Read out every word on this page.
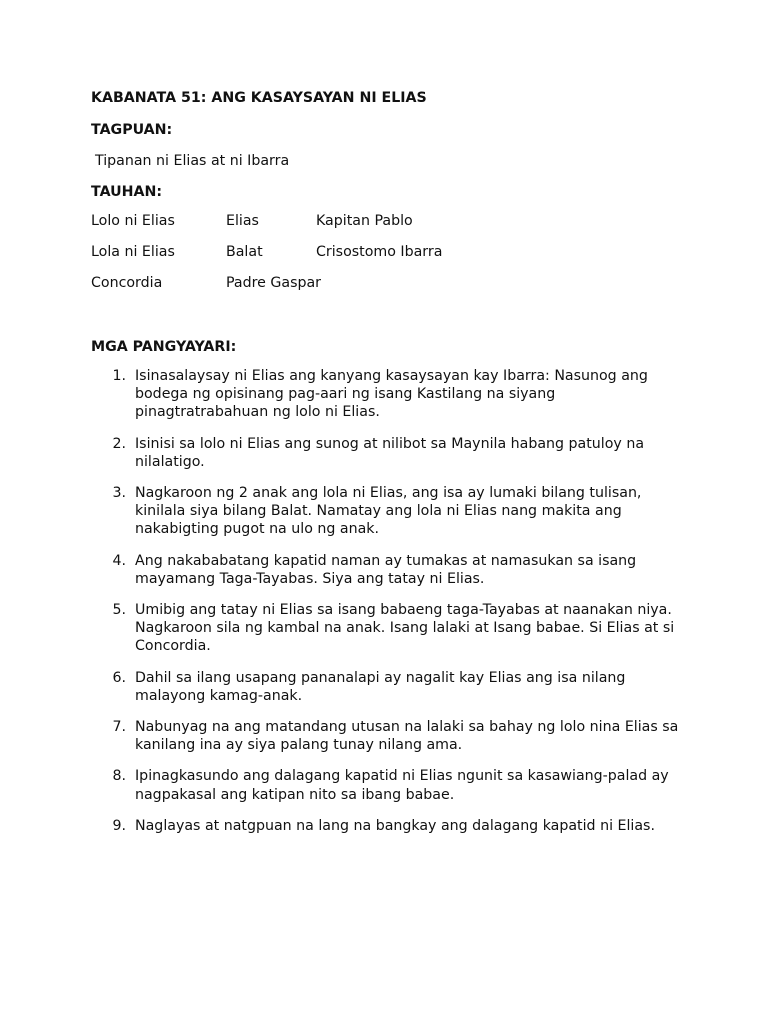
KABANATA 51: ANG KASAYSAYAN NI ELIAS
TAGPUAN:
Tipanan ni Elias at ni Ibarra
TAUHAN:
Lolo ni Elias	Elias	Kapitan Pablo
Lola ni Elias	Balat	Crisostomo Ibarra
Concordia	Padre Gaspar
MGA PANGYAYARI:
1. Isinasalaysay ni Elias ang kanyang kasaysayan kay Ibarra: Nasunog ang
bodega ng opisinang pag-aari ng isang Kastilang na siyang
pinagtratrabahuan ng lolo ni Elias.
2. Isinisi sa lolo ni Elias ang sunog at nilibot sa Maynila habang patuloy na
nilalatigo.
3. Nagkaroon ng 2 anak ang lola ni Elias, ang isa ay lumaki bilang tulisan,
kinilala siya bilang Balat. Namatay ang lola ni Elias nang makita ang
nakabigting pugot na ulo ng anak.
4. Ang nakababatang kapatid naman ay tumakas at namasukan sa isang
mayamang Taga-Tayabas. Siya ang tatay ni Elias.
5. Umibig ang tatay ni Elias sa isang babaeng taga-Tayabas at naanakan niya.
Nagkaroon sila ng kambal na anak. Isang lalaki at Isang babae. Si Elias at si
Concordia.
6. Dahil sa ilang usapang pananalapi ay nagalit kay Elias ang isa nilang
malayong kamag-anak.
7. Nabunyag na ang matandang utusan na lalaki sa bahay ng lolo nina Elias sa
kanilang ina ay siya palang tunay nilang ama.
8. Ipinagkasundo ang dalagang kapatid ni Elias ngunit sa kasawiang-palad ay
nagpakasal ang katipan nito sa ibang babae.
9. Naglayas at natgpuan na lang na bangkay ang dalagang kapatid ni Elias.
